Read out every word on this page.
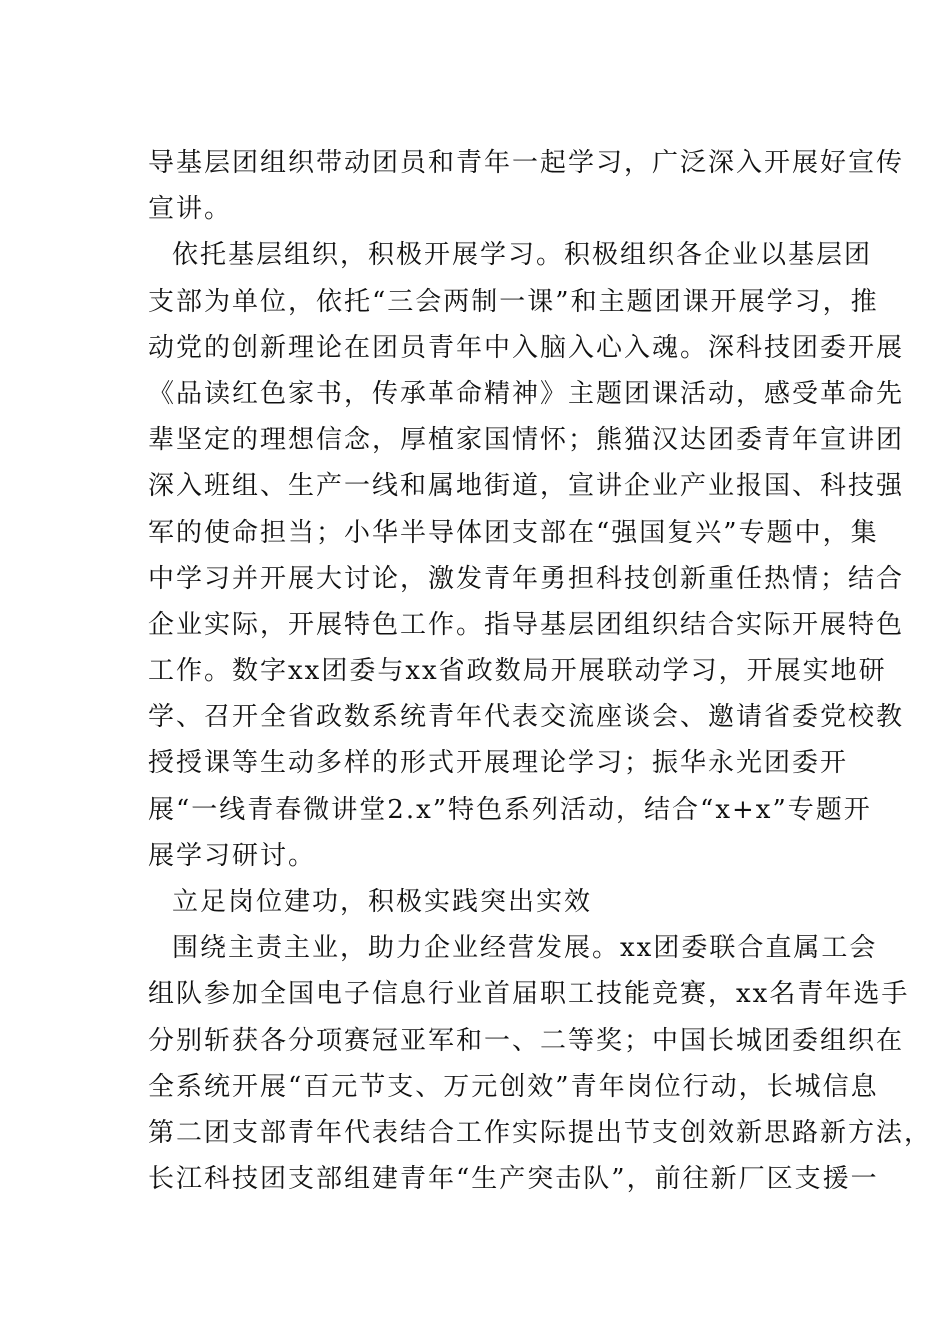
导基层团组织带动团员和青年一起学习，广泛深入开展好宣传
宣讲。
依托基层组织，积极开展学习。积极组织各企业以基层团
支部为单位，依托“三会两制一课”和主题团课开展学习，推
动党的创新理论在团员青年中入脑入心入魂。深科技团委开展
《品读红色家书，传承革命精神》主题团课活动，感受革命先
辈坚定的理想信念，厚植家国情怀；熊猫汉达团委青年宣讲团
深入班组、生产一线和属地街道，宣讲企业产业报国、科技强
军的使命担当；小华半导体团支部在“强国复兴”专题中，集
中学习并开展大讨论，激发青年勇担科技创新重任热情；结合
企业实际，开展特色工作。指导基层团组织结合实际开展特色
工作。数字xx团委与xx省政数局开展联动学习，开展实地研
学、召开全省政数系统青年代表交流座谈会、邀请省委党校教
授授课等生动多样的形式开展理论学习；振华永光团委开
展“一线青春微讲堂2.x”特色系列活动，结合“x+x”专题开
展学习研讨。
立足岗位建功，积极实践突出实效
围绕主责主业，助力企业经营发展。xx团委联合直属工会
组队参加全国电子信息行业首届职工技能竞赛，xx名青年选手
分别斩获各分项赛冠亚军和一、二等奖；中国长城团委组织在
全系统开展“百元节支、万元创效”青年岗位行动，长城信息
第二团支部青年代表结合工作实际提出节支创效新思路新方法，
长江科技团支部组建青年“生产突击队”，前往新厂区支援一
